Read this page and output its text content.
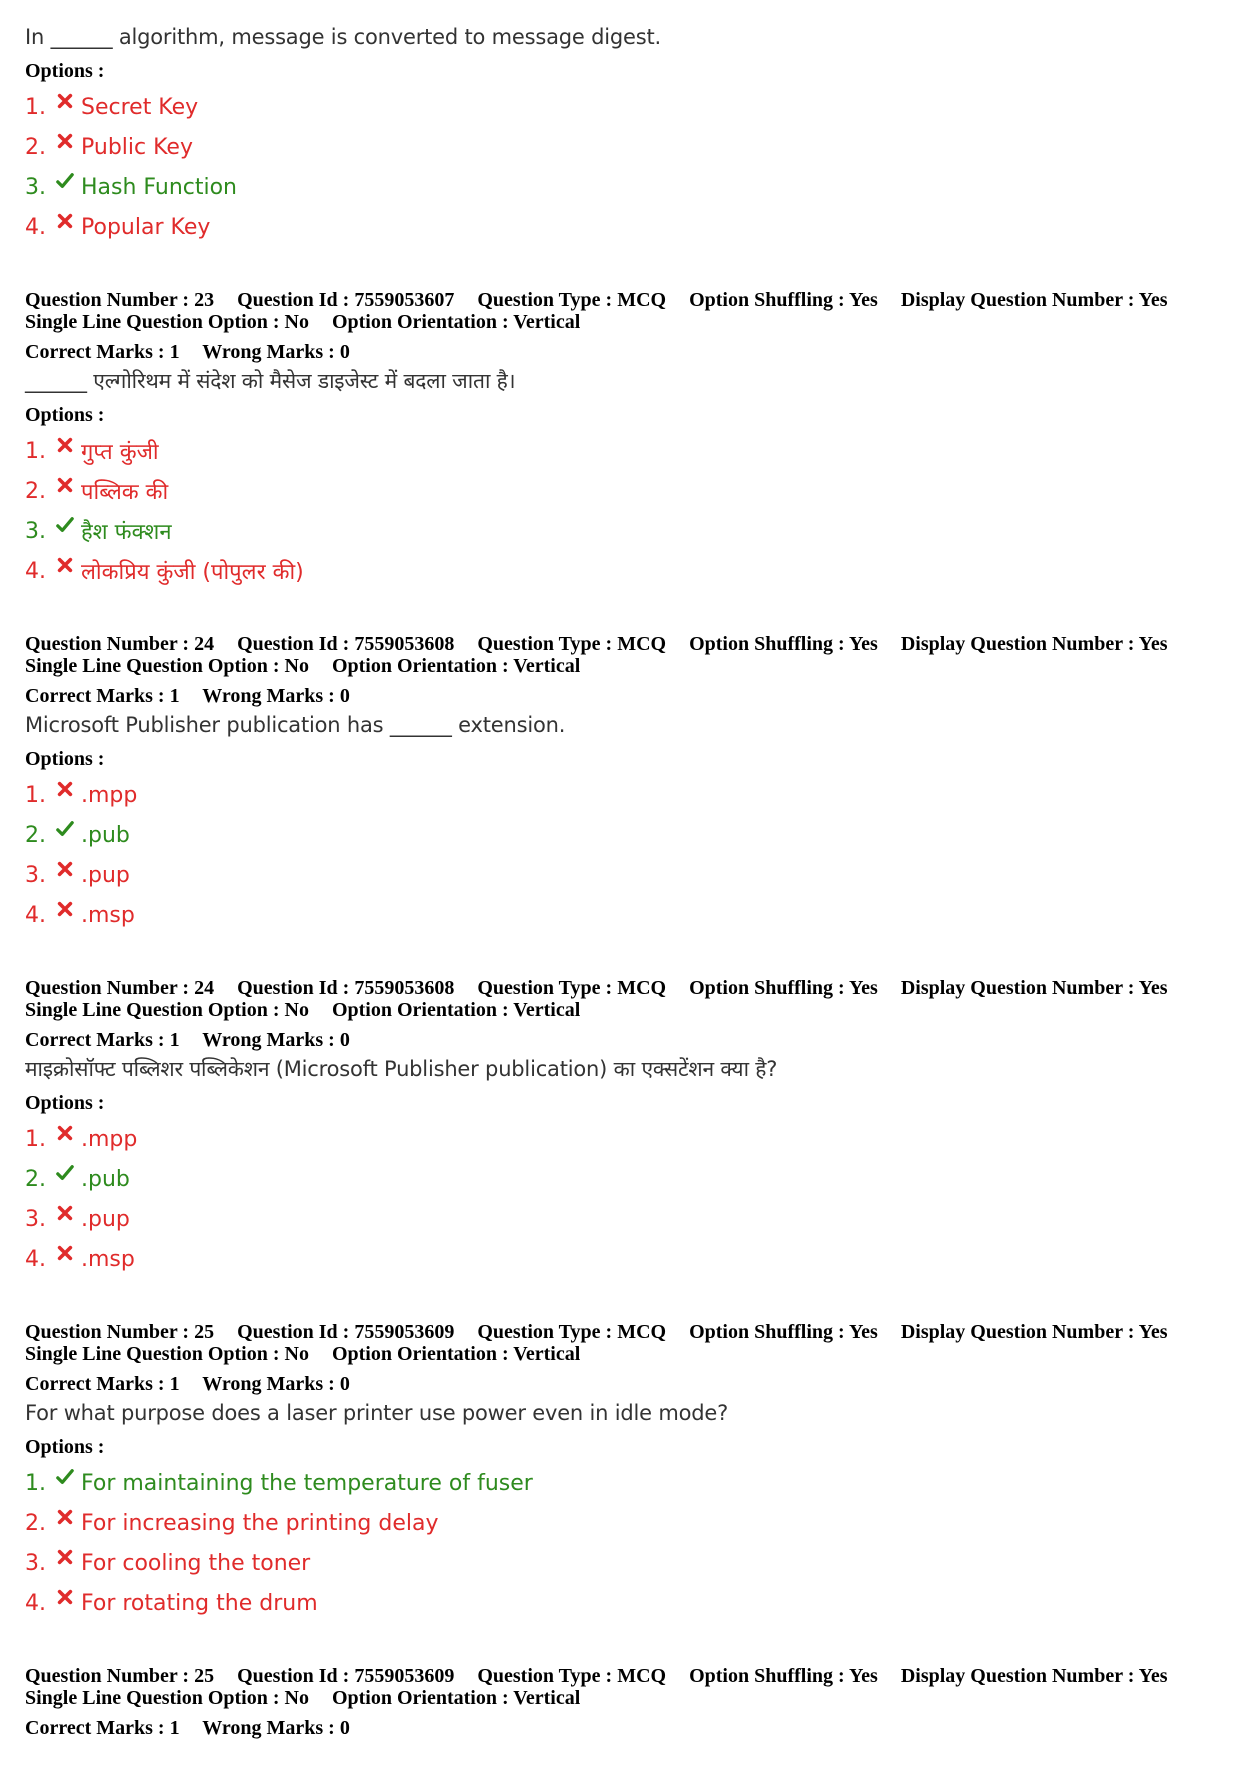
In ______ algorithm, message is converted to message digest.
Options :
1.	Secret Key
2.	Public Key
3.	Hash Function
4.	Popular Key
Question Number : 23 Question Id : 7559053607 Question Type : MCQ Option Shuffling : Yes Display Question Number : Yes
Single Line Question Option : No Option Orientation : Vertical
Correct Marks : 1 Wrong Marks : 0
______ एल्गोरिथम में संदेश को मैसेज डाइजेस्ट में बदला जाता है।
Options :
1.	गुप्त कुंजी
2.	पब्लिक की
3.	हैश फंक्शन
4.	लोकप्रिय कुंजी (पोपुलर की)
Question Number : 24 Question Id : 7559053608 Question Type : MCQ Option Shuffling : Yes Display Question Number : Yes
Single Line Question Option : No Option Orientation : Vertical
Correct Marks : 1 Wrong Marks : 0
Microsoft Publisher publication has ______ extension.
Options :
1.	.mpp
2.	.pub
3.	.pup
4.	.msp
Question Number : 24 Question Id : 7559053608 Question Type : MCQ Option Shuffling : Yes Display Question Number : Yes
Single Line Question Option : No Option Orientation : Vertical
Correct Marks : 1 Wrong Marks : 0
माइक्रोसॉफ्ट पब्लिशर पब्लिकेशन (Microsoft Publisher publication) का एक्सटेंशन क्या है?
Options :
1.	.mpp
2.	.pub
3.	.pup
4.	.msp
Question Number : 25 Question Id : 7559053609 Question Type : MCQ Option Shuffling : Yes Display Question Number : Yes
Single Line Question Option : No Option Orientation : Vertical
Correct Marks : 1 Wrong Marks : 0
For what purpose does a laser printer use power even in idle mode?
Options :
1.	For maintaining the temperature of fuser
2.	For increasing the printing delay
3.	For cooling the toner
4.	For rotating the drum
Question Number : 25 Question Id : 7559053609 Question Type : MCQ Option Shuffling : Yes Display Question Number : Yes
Single Line Question Option : No Option Orientation : Vertical
Correct Marks : 1 Wrong Marks : 0
